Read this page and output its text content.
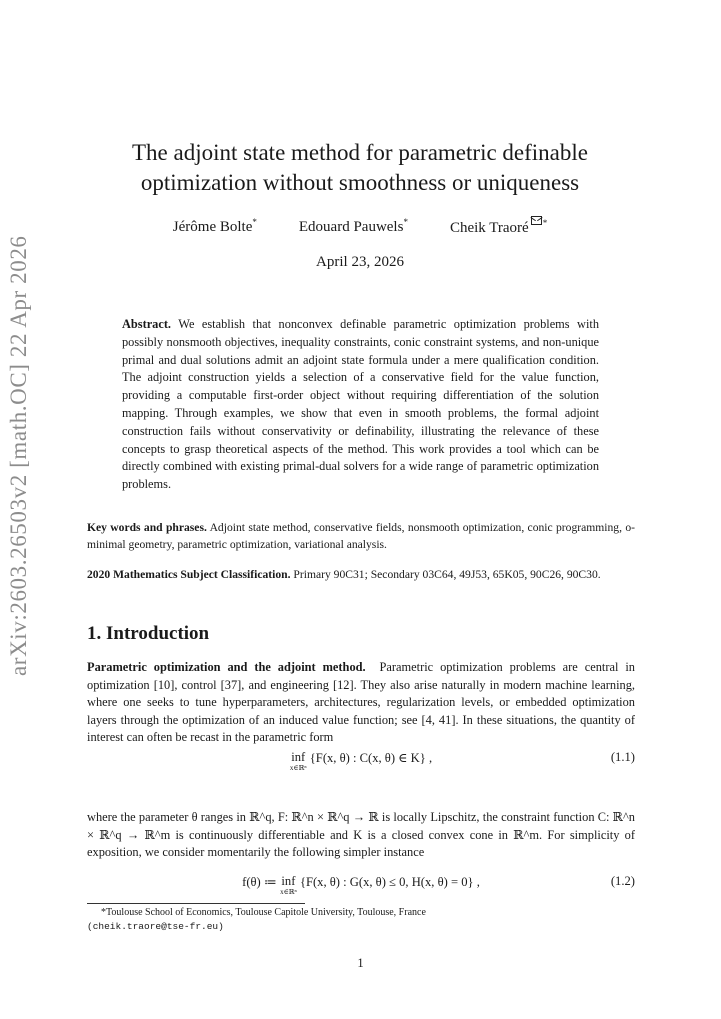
arXiv:2603.26503v2 [math.OC] 22 Apr 2026
The adjoint state method for parametric definable
optimization without smoothness or uniqueness
Jérôme Bolte*	Edouard Pauwels*	Cheik Traoré *
April 23, 2026
Abstract. We establish that nonconvex definable parametric optimization problems with possibly nonsmooth objectives, inequality constraints, conic constraint systems, and non-unique primal and dual solutions admit an adjoint state formula under a mere qualification condition. The adjoint construction yields a selection of a conservative field for the value function, providing a computable first-order object without requiring differentiation of the solution mapping. Through examples, we show that even in smooth problems, the formal adjoint construction fails without conservativity or definability, illustrating the relevance of these concepts to grasp theoretical aspects of the method. This work provides a tool which can be directly combined with existing primal-dual solvers for a wide range of parametric optimization problems.
Key words and phrases. Adjoint state method, conservative fields, nonsmooth optimization, conic programming, o-minimal geometry, parametric optimization, variational analysis.
2020 Mathematics Subject Classification. Primary 90C31; Secondary 03C64, 49J53, 65K05, 90C26, 90C30.
1. Introduction
Parametric optimization and the adjoint method. Parametric optimization problems are central in optimization [10], control [37], and engineering [12]. They also arise naturally in modern machine learning, where one seeks to tune hyperparameters, architectures, regularization levels, or embedded optimization layers through the optimization of an induced value function; see [4, 41]. In these situations, the quantity of interest can often be recast in the parametric form
inf
x∈ℝⁿ
{F(x, θ) : C(x, θ) ∈ K} ,	(1.1)
where the parameter θ ranges in ℝ^q, F: ℝ^n × ℝ^q → ℝ is locally Lipschitz, the constraint function C: ℝ^n × ℝ^q → ℝ^m is continuously differentiable and K is a closed convex cone in ℝ^m. For simplicity of exposition, we consider momentarily the following simpler instance
f(θ) ≔ inf
x∈ℝⁿ
{F(x, θ) : G(x, θ) ≤ 0, H(x, θ) = 0} ,	(1.2)
*Toulouse School of Economics, Toulouse Capitole University, Toulouse, France
(cheik.traore@tse-fr.eu)
1
